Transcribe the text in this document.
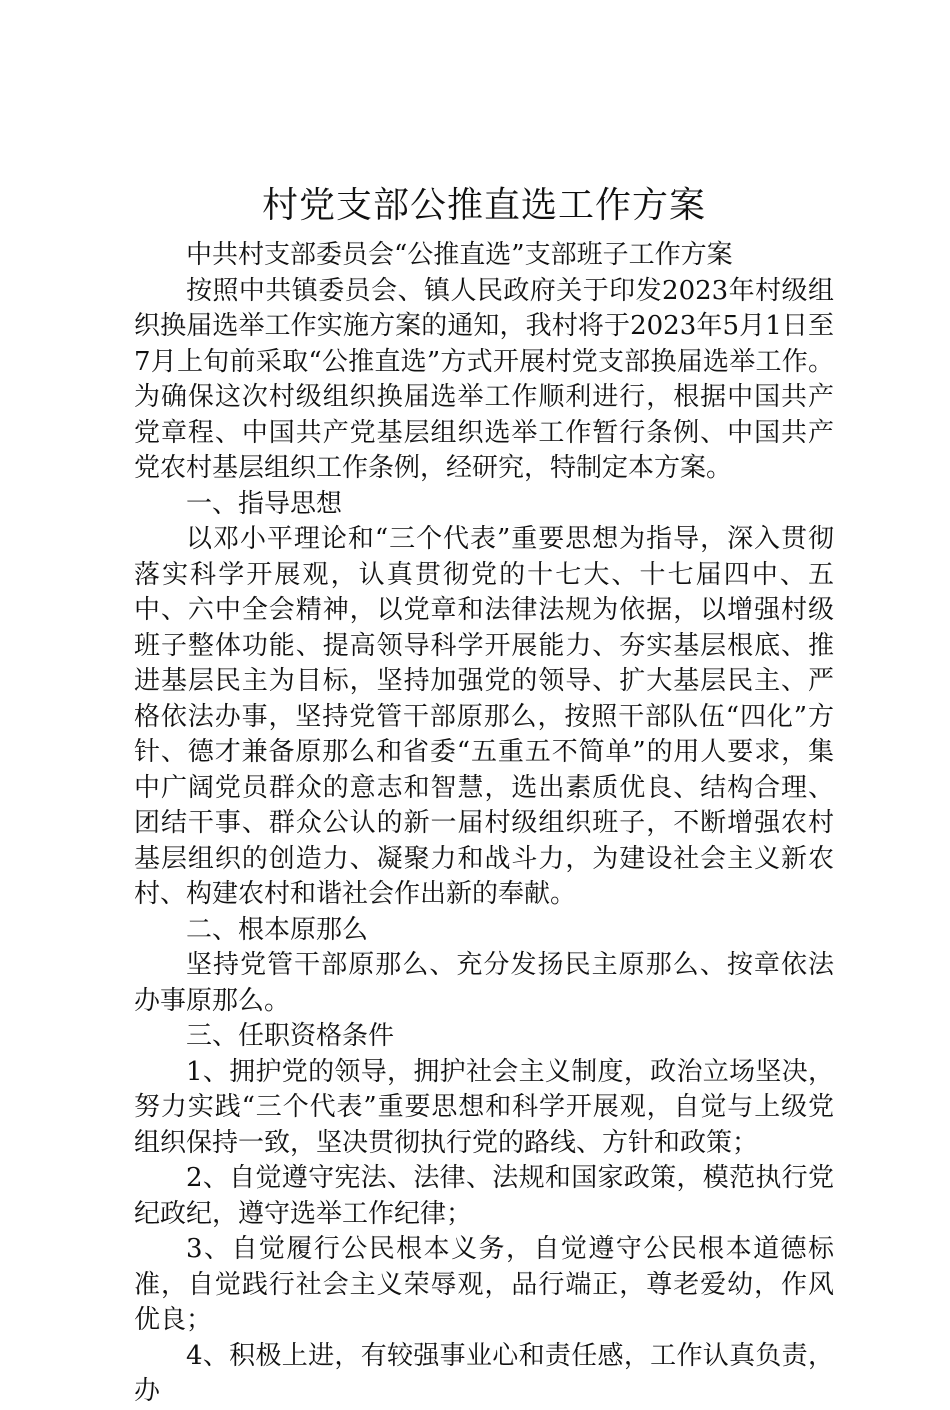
村党支部公推直选工作方案

中共村支部委员会“公推直选”支部班子工作方案

按照中共镇委员会、镇人民政府关于印发2023年村级组织换届选举工作实施方案的通知，我村将于2023年5月1日至7月上旬前采取“公推直选”方式开展村党支部换届选举工作。为确保这次村级组织换届选举工作顺利进行，根据中国共产党章程、中国共产党基层组织选举工作暂行条例、中国共产党农村基层组织工作条例，经研究，特制定本方案。

一、指导思想

以邓小平理论和“三个代表”重要思想为指导，深入贯彻落实科学开展观，认真贯彻党的十七大、十七届四中、五中、六中全会精神，以党章和法律法规为依据，以增强村级班子整体功能、提高领导科学开展能力、夯实基层根底、推进基层民主为目标，坚持加强党的领导、扩大基层民主、严格依法办事，坚持党管干部原那么，按照干部队伍“四化”方针、德才兼备原那么和省委“五重五不简单”的用人要求，集中广阔党员群众的意志和智慧，选出素质优良、结构合理、团结干事、群众公认的新一届村级组织班子，不断增强农村基层组织的创造力、凝聚力和战斗力，为建设社会主义新农村、构建农村和谐社会作出新的奉献。

二、根本原那么

坚持党管干部原那么、充分发扬民主原那么、按章依法办事原那么。

三、任职资格条件

1、拥护党的领导，拥护社会主义制度，政治立场坚决，努力实践“三个代表”重要思想和科学开展观，自觉与上级党组织保持一致，坚决贯彻执行党的路线、方针和政策；

2、自觉遵守宪法、法律、法规和国家政策，模范执行党纪政纪，遵守选举工作纪律；

3、自觉履行公民根本义务，自觉遵守公民根本道德标准，自觉践行社会主义荣辱观，品行端正，尊老爱幼，作风优良；

4、积极上进，有较强事业心和责任感，工作认真负责，办
